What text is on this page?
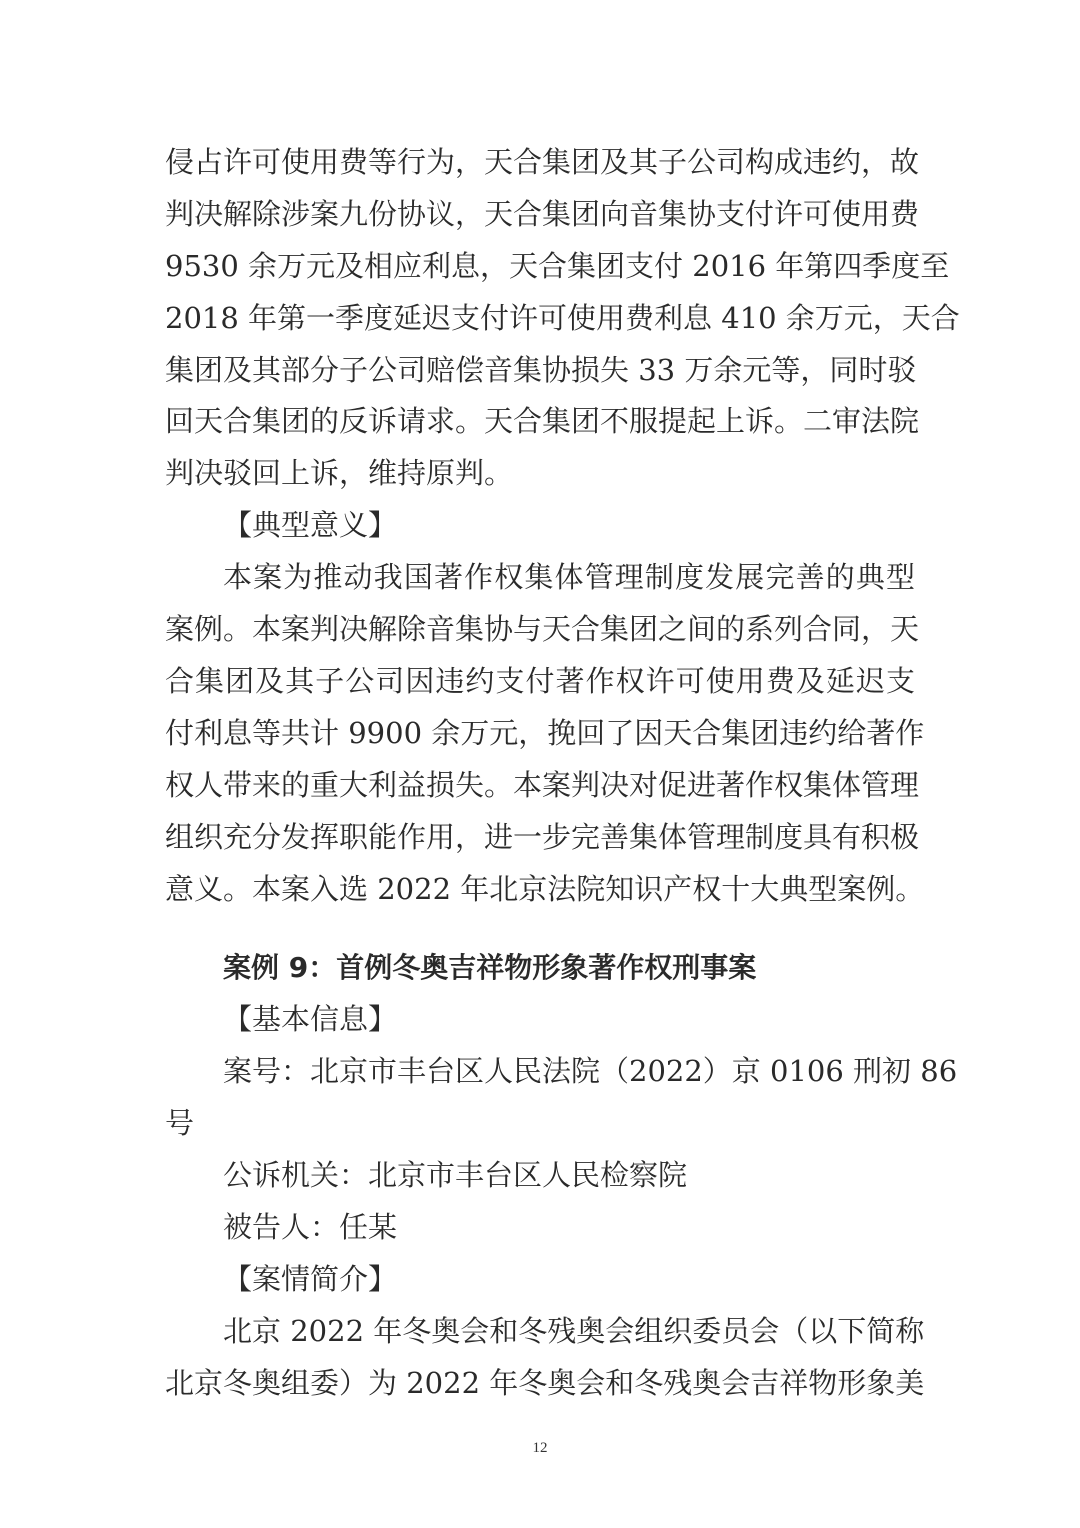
侵占许可使用费等行为，天合集团及其子公司构成违约，故
判决解除涉案九份协议，天合集团向音集协支付许可使用费
9530 余万元及相应利息，天合集团支付 2016 年第四季度至
2018 年第一季度延迟支付许可使用费利息 410 余万元，天合
集团及其部分子公司赔偿音集协损失 33 万余元等，同时驳
回天合集团的反诉请求。天合集团不服提起上诉。二审法院
判决驳回上诉，维持原判。
【典型意义】
本案为推动我国著作权集体管理制度发展完善的典型
案例。本案判决解除音集协与天合集团之间的系列合同，天
合集团及其子公司因违约支付著作权许可使用费及延迟支
付利息等共计 9900 余万元，挽回了因天合集团违约给著作
权人带来的重大利益损失。本案判决对促进著作权集体管理
组织充分发挥职能作用，进一步完善集体管理制度具有积极
意义。本案入选 2022 年北京法院知识产权十大典型案例。
案例 9：首例冬奥吉祥物形象著作权刑事案
【基本信息】
案号：北京市丰台区人民法院（2022）京 0106 刑初 86
号
公诉机关：北京市丰台区人民检察院
被告人：任某
【案情简介】
北京 2022 年冬奥会和冬残奥会组织委员会（以下简称
北京冬奥组委）为 2022 年冬奥会和冬残奥会吉祥物形象美
12
